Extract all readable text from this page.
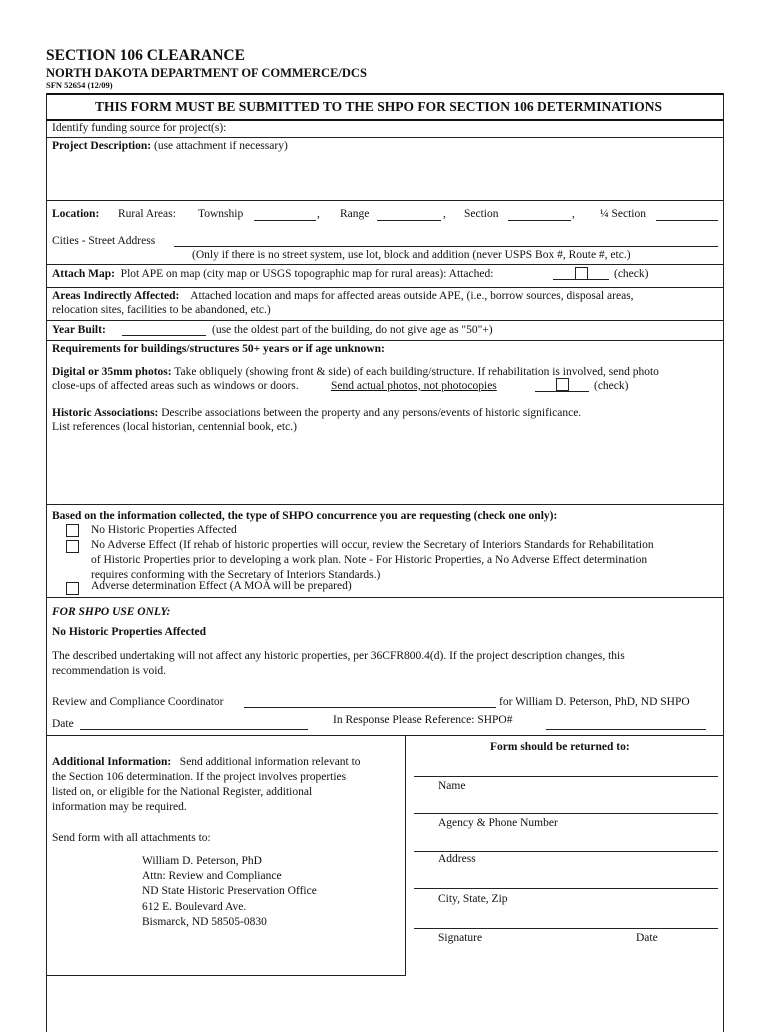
SECTION 106 CLEARANCE
NORTH DAKOTA DEPARTMENT OF COMMERCE/DCS
SFN 52654 (12/09)
THIS FORM MUST BE SUBMITTED TO THE SHPO FOR SECTION 106 DETERMINATIONS
Identify funding source for project(s):
Project Description: (use attachment if necessary)
Location: Rural Areas: Township	, Range	, Section	, ¼ Section
Cities - Street Address
(Only if there is no street system, use lot, block and addition (never USPS Box #, Route #, etc.)
Attach Map: Plot APE on map (city map or USGS topographic map for rural areas): Attached:	(check)
Areas Indirectly Affected: Attached location and maps for affected areas outside APE, (i.e., borrow sources, disposal areas,
relocation sites, facilities to be abandoned, etc.)
Year Built:	(use the oldest part of the building, do not give age as "50"+)
Requirements for buildings/structures 50+ years or if age unknown:
Digital or 35mm photos: Take obliquely (showing front & side) of each building/structure. If rehabilitation is involved, send photo
close-ups of affected areas such as windows or doors.	Send actual photos, not photocopies	(check)
Historic Associations: Describe associations between the property and any persons/events of historic significance.
List references (local historian, centennial book, etc.)
Based on the information collected, the type of SHPO concurrence you are requesting (check one only):
No Historic Properties Affected
No Adverse Effect (If rehab of historic properties will occur, review the Secretary of Interiors Standards for Rehabilitation
of Historic Properties prior to developing a work plan. Note - For Historic Properties, a No Adverse Effect determination
requires conforming with the Secretary of Interiors Standards.)
Adverse determination Effect (A MOA will be prepared)
FOR SHPO USE ONLY:
No Historic Properties Affected
The described undertaking will not affect any historic properties, per 36CFR800.4(d). If the project description changes, this
recommendation is void.
Review and Compliance Coordinator	for William D. Peterson, PhD, ND SHPO
Date	In Response Please Reference: SHPO#
Additional Information: Send additional information relevant to
the Section 106 determination. If the project involves properties
listed on, or eligible for the National Register, additional
information may be required.
Send form with all attachments to:
William D. Peterson, PhD
Attn: Review and Compliance
ND State Historic Preservation Office
612 E. Boulevard Ave.
Bismarck, ND 58505-0830
Form should be returned to:
Name
Agency & Phone Number
Address
City, State, Zip
Signature	Date
